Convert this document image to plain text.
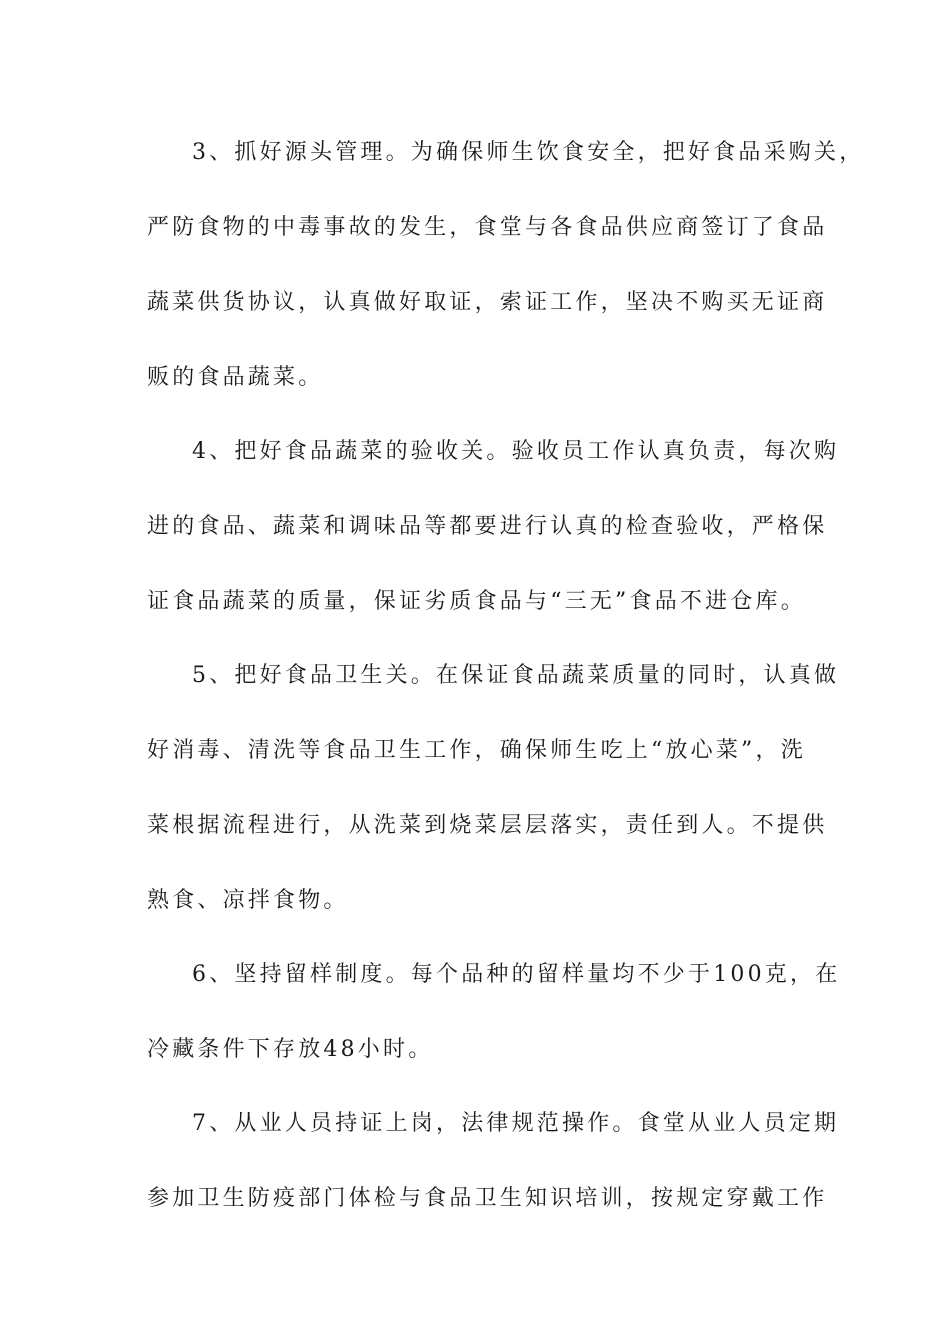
3、抓好源头管理。为确保师生饮食安全，把好食品采购关，
严防食物的中毒事故的发生，食堂与各食品供应商签订了食品
蔬菜供货协议，认真做好取证，索证工作，坚决不购买无证商
贩的食品蔬菜。
4、把好食品蔬菜的验收关。验收员工作认真负责，每次购
进的食品、蔬菜和调味品等都要进行认真的检查验收，严格保
证食品蔬菜的质量，保证劣质食品与“三无”食品不进仓库。
5、把好食品卫生关。在保证食品蔬菜质量的同时，认真做
好消毒、清洗等食品卫生工作，确保师生吃上“放心菜”，洗
菜根据流程进行，从洗菜到烧菜层层落实，责任到人。不提供
熟食、凉拌食物。
6、坚持留样制度。每个品种的留样量均不少于100克，在
冷藏条件下存放48小时。
7、从业人员持证上岗，法律规范操作。食堂从业人员定期
参加卫生防疫部门体检与食品卫生知识培训，按规定穿戴工作
